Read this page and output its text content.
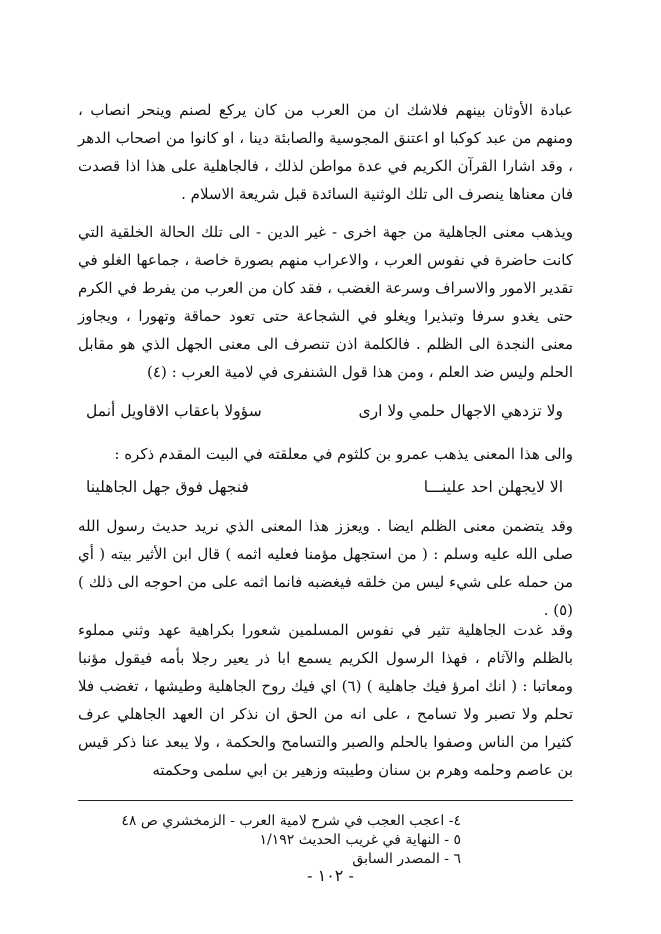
عبادة الأوثان بينهم فلاشك ان من العرب من كان يركع لصنم وينحر انصاب ، ومنهم من عبد كوكبا او اعتنق المجوسية والصابئة دينا ، او كانوا من اصحاب الدهر ، وقد اشارا القرآن الكريم في عدة مواطن لذلك ، فالجاهلية على هذا اذا قصدت فان معناها ينصرف الى تلك الوثنية السائدة قبل شريعة الاسلام .

ويذهب معنى الجاهلية من جهة اخرى - غير الدين - الى تلك الحالة الخلقية التي كانت حاضرة في نفوس العرب ، والاعراب منهم بصورة خاصة ، جماعها الغلو في تقدير الامور والاسراف وسرعة الغضب ، فقد كان من العرب من يفرط في الكرم حتى يغدو سرفا وتبذيرا ويغلو في الشجاعة حتى تعود حماقة وتهورا ، ويجاوز معنى النجدة الى الظلم . فالكلمة اذن تنصرف الى معنى الجهل الذي هو مقابل الحلم وليس ضد العلم ، ومن هذا قول الشنفرى في لامية العرب : (٤)

ولا تزدهي الاجهال حلمي ولا ارى
سؤولا باعقاب الاقاويل أنمل

والى هذا المعنى يذهب عمرو بن كلثوم في معلقته في البيت المقدم ذكره :

الا لايجهلن احد علينـــا
فنجهل فوق جهل الجاهلينا

وقد يتضمن معنى الظلم ايضا . ويعزز هذا المعنى الذي نريد حديث رسول الله صلى الله عليه وسلم : ( من استجهل مؤمنا فعليه اثمه ) قال ابن الأثير بيته ( أي من حمله على شيء ليس من خلقه فيغضبه فانما اثمه على من احوجه الى ذلك ) (٥) .

وقد غدت الجاهلية تثير في نفوس المسلمين شعورا بكراهية عهد وثني مملوء بالظلم والآثام ، فهذا الرسول الكريم يسمع ابا ذر يعير رجلا بأمه فيقول مؤنبا ومعاتبا : ( انك امرؤ فيك جاهلية ) (٦) اي فيك روح الجاهلية وطيشها ، تغضب فلا تحلم ولا تصبر ولا تسامح ، على انه من الحق ان نذكر ان العهد الجاهلي عرف كثيرا من الناس وصفوا بالحلم والصبر والتسامح والحكمة ، ولا يبعد عنا ذكر قيس بن عاصم وحلمه وهرم بن سنان وطيبته وزهير بن ابي سلمى وحكمته

٤- اعجب العجب في شرح لامية العرب - الزمخشري ص ٤٨
٥ - النهاية في غريب الحديث ١/١٩٢
٦ - المصدر السابق
- ١٠٢ -
